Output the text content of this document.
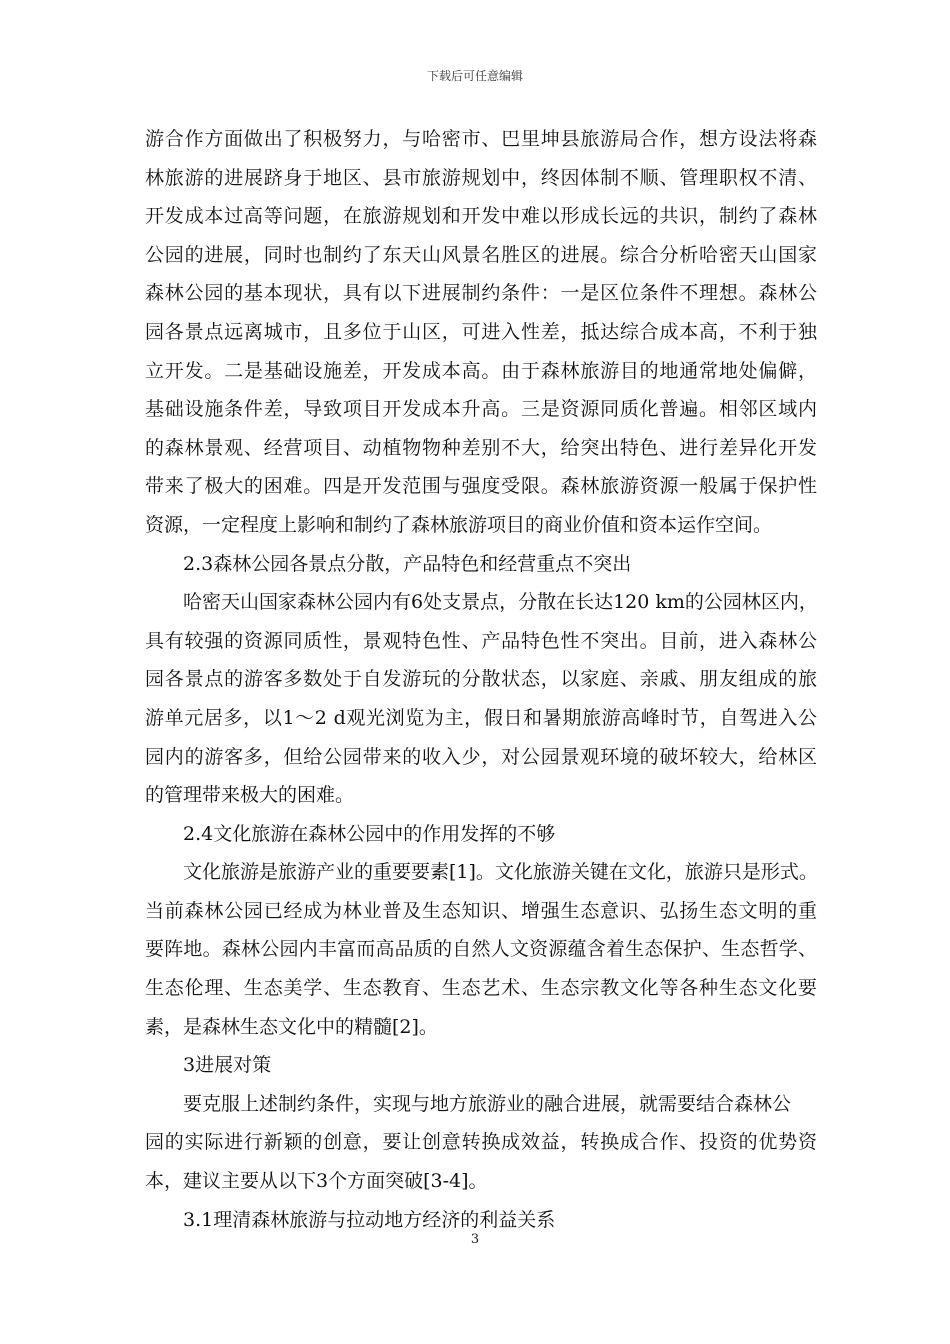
下载后可任意编辑
游合作方面做出了积极努力，与哈密市、巴里坤县旅游局合作，想方设法将森
林旅游的进展跻身于地区、县市旅游规划中，终因体制不顺、管理职权不清、
开发成本过高等问题，在旅游规划和开发中难以形成长远的共识，制约了森林
公园的进展，同时也制约了东天山风景名胜区的进展。综合分析哈密天山国家
森林公园的基本现状，具有以下进展制约条件：一是区位条件不理想。森林公
园各景点远离城市，且多位于山区，可进入性差，抵达综合成本高，不利于独
立开发。二是基础设施差，开发成本高。由于森林旅游目的地通常地处偏僻，
基础设施条件差，导致项目开发成本升高。三是资源同质化普遍。相邻区域内
的森林景观、经营项目、动植物物种差别不大，给突出特色、进行差异化开发
带来了极大的困难。四是开发范围与强度受限。森林旅游资源一般属于保护性
资源，一定程度上影响和制约了森林旅游项目的商业价值和资本运作空间。
2.3森林公园各景点分散，产品特色和经营重点不突出
哈密天山国家森林公园内有6处支景点，分散在长达120 km的公园林区内，
具有较强的资源同质性，景观特色性、产品特色性不突出。目前，进入森林公
园各景点的游客多数处于自发游玩的分散状态，以家庭、亲戚、朋友组成的旅
游单元居多，以1～2 d观光浏览为主，假日和暑期旅游高峰时节，自驾进入公
园内的游客多，但给公园带来的收入少，对公园景观环境的破坏较大，给林区
的管理带来极大的困难。
2.4文化旅游在森林公园中的作用发挥的不够
文化旅游是旅游产业的重要要素[1]。文化旅游关键在文化，旅游只是形式。
当前森林公园已经成为林业普及生态知识、增强生态意识、弘扬生态文明的重
要阵地。森林公园内丰富而高品质的自然人文资源蕴含着生态保护、生态哲学、
生态伦理、生态美学、生态教育、生态艺术、生态宗教文化等各种生态文化要
素，是森林生态文化中的精髓[2]。
3进展对策
要克服上述制约条件，实现与地方旅游业的融合进展，就需要结合森林公
园的实际进行新颖的创意，要让创意转换成效益，转换成合作、投资的优势资
本，建议主要从以下3个方面突破[3-4]。
3.1理清森林旅游与拉动地方经济的利益关系
3
